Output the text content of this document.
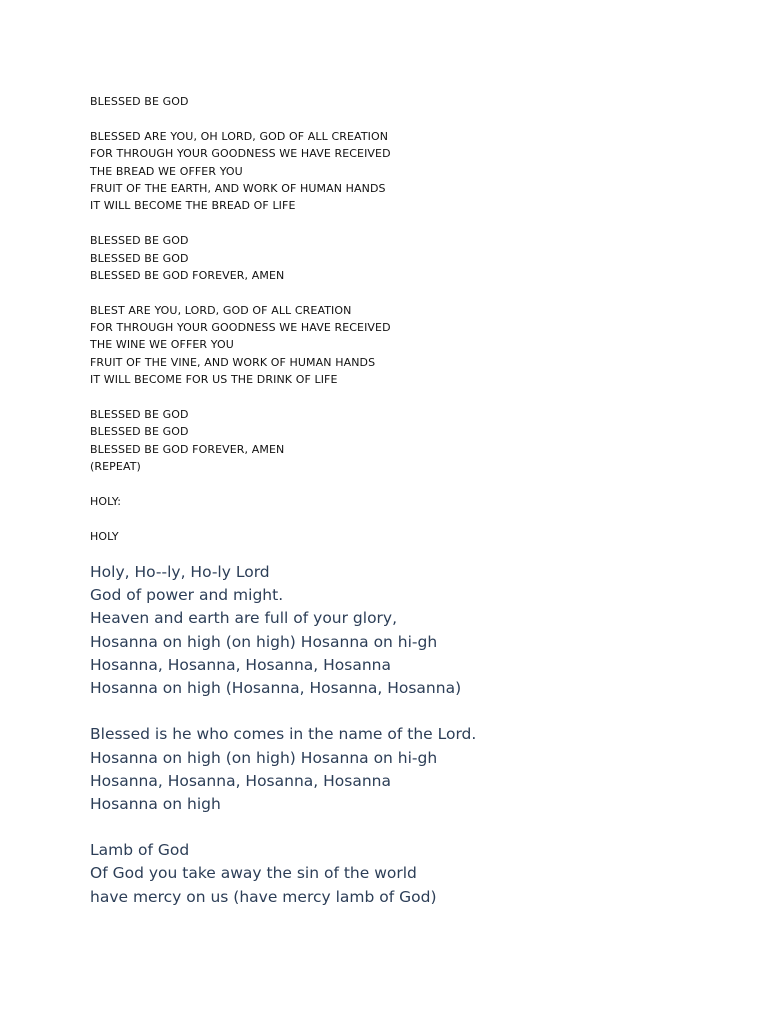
BLESSED BE GOD
BLESSED ARE YOU, OH LORD, GOD OF ALL CREATION
FOR THROUGH YOUR GOODNESS WE HAVE RECEIVED
THE BREAD WE OFFER YOU
FRUIT OF THE EARTH, AND WORK OF HUMAN HANDS
IT WILL BECOME THE BREAD OF LIFE
BLESSED BE GOD
BLESSED BE GOD
BLESSED BE GOD FOREVER, AMEN
BLEST ARE YOU, LORD, GOD OF ALL CREATION
FOR THROUGH YOUR GOODNESS WE HAVE RECEIVED
THE WINE WE OFFER YOU
FRUIT OF THE VINE, AND WORK OF HUMAN HANDS
IT WILL BECOME FOR US THE DRINK OF LIFE
BLESSED BE GOD
BLESSED BE GOD
BLESSED BE GOD FOREVER, AMEN
(REPEAT)
HOLY:
HOLY
Holy, Ho--ly, Ho-ly Lord
God of power and might.
Heaven and earth are full of your glory,
Hosanna on high (on high) Hosanna on hi-gh
Hosanna, Hosanna, Hosanna, Hosanna
Hosanna on high (Hosanna, Hosanna, Hosanna)
Blessed is he who comes in the name of the Lord.
Hosanna on high (on high) Hosanna on hi-gh
Hosanna, Hosanna, Hosanna, Hosanna
Hosanna on high
Lamb of God
Of God you take away the sin of the world
have mercy on us (have mercy lamb of God)
